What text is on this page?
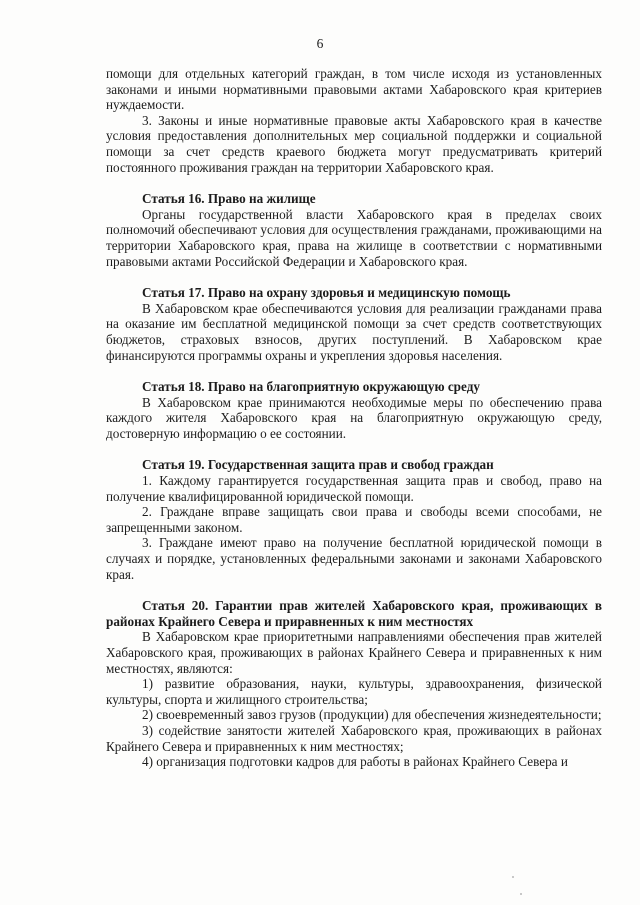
6

помощи для отдельных категорий граждан, в том числе исходя из установленных законами и иными нормативными правовыми актами Хабаровского края критериев нуждаемости.

3. Законы и иные нормативные правовые акты Хабаровского края в качестве условия предоставления дополнительных мер социальной поддержки и социальной помощи за счет средств краевого бюджета могут предусматривать критерий постоянного проживания граждан на территории Хабаровского края.

Статья 16. Право на жилище

Органы государственной власти Хабаровского края в пределах своих полномочий обеспечивают условия для осуществления гражданами, проживающими на территории Хабаровского края, права на жилище в соответствии с нормативными правовыми актами Российской Федерации и Хабаровского края.

Статья 17. Право на охрану здоровья и медицинскую помощь

В Хабаровском крае обеспечиваются условия для реализации гражданами права на оказание им бесплатной медицинской помощи за счет средств соответствующих бюджетов, страховых взносов, других поступлений. В Хабаровском крае финансируются программы охраны и укрепления здоровья населения.

Статья 18. Право на благоприятную окружающую среду

В Хабаровском крае принимаются необходимые меры по обеспечению права каждого жителя Хабаровского края на благоприятную окружающую среду, достоверную информацию о ее состоянии.

Статья 19. Государственная защита прав и свобод граждан

1. Каждому гарантируется государственная защита прав и свобод, право на получение квалифицированной юридической помощи.

2. Граждане вправе защищать свои права и свободы всеми способами, не запрещенными законом.

3. Граждане имеют право на получение бесплатной юридической помощи в случаях и порядке, установленных федеральными законами и законами Хабаровского края.

Статья 20. Гарантии прав жителей Хабаровского края, проживающих в районах Крайнего Севера и приравненных к ним местностях

В Хабаровском крае приоритетными направлениями обеспечения прав жителей Хабаровского края, проживающих в районах Крайнего Севера и приравненных к ним местностях, являются:

1) развитие образования, науки, культуры, здравоохранения, физической культуры, спорта и жилищного строительства;

2) своевременный завоз грузов (продукции) для обеспечения жизнедеятельности;

3) содействие занятости жителей Хабаровского края, проживающих в районах Крайнего Севера и приравненных к ним местностях;

4) организация подготовки кадров для работы в районах Крайнего Севера и
